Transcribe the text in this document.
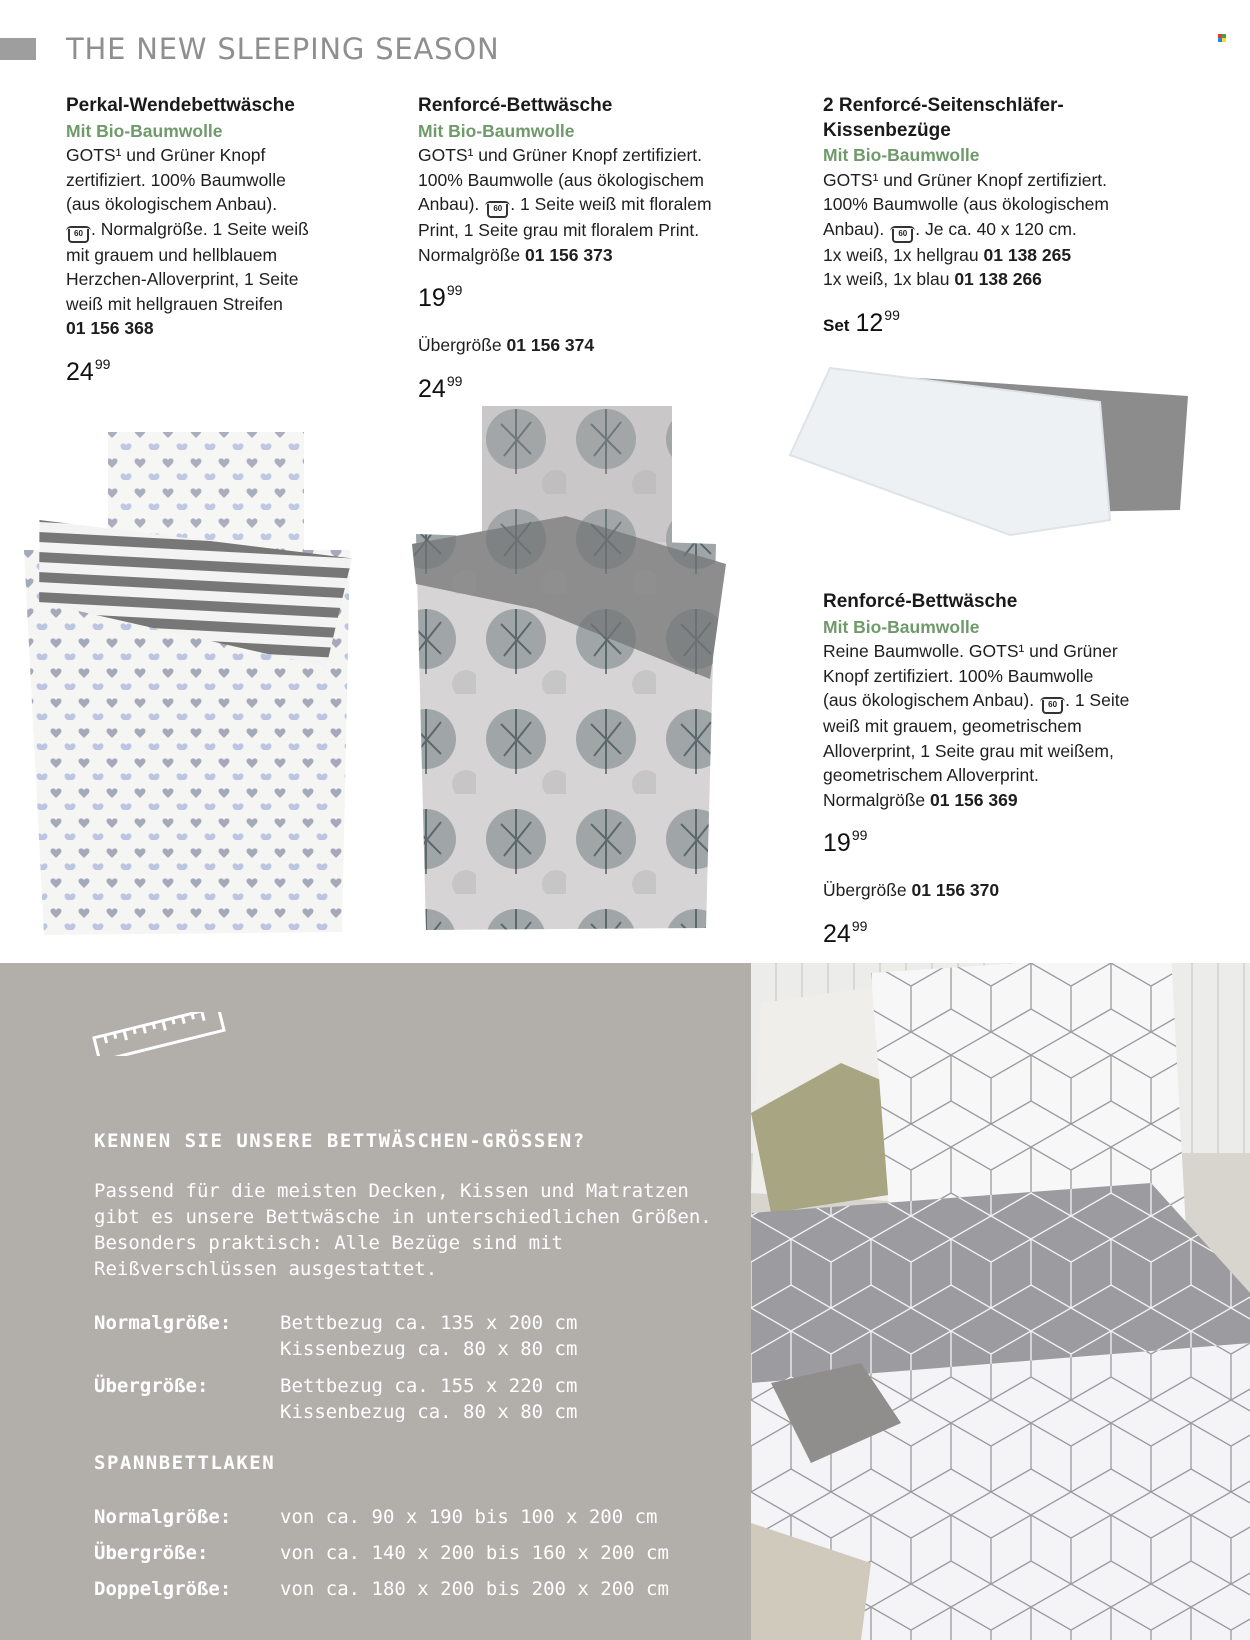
THE NEW SLEEPING SEASON
Perkal-Wendebettwäsche
Mit Bio-Baumwolle
GOTS¹ und Grüner Knopf
zertifiziert. 100% Baumwolle
(aus ökologischem Anbau).
60 . Normalgröße. 1 Seite weiß
mit grauem und hellblauem
Herzchen-Alloverprint, 1 Seite
weiß mit hellgrauen Streifen
01 156 368
$24^{99}$
Renforcé-Bettwäsche
Mit Bio-Baumwolle
GOTS¹ und Grüner Knopf zertifiziert.
100% Baumwolle (aus ökologischem
Anbau). 60 . 1 Seite weiß mit floralem
Print, 1 Seite grau mit floralem Print.
Normalgröße 01 156 373
$19^{99}$
Übergröße 01 156 374
$24^{99}$
2 Renforcé-Seitenschläfer-
Kissenbezüge
Mit Bio-Baumwolle
GOTS¹ und Grüner Knopf zertifiziert.
100% Baumwolle (aus ökologischem
Anbau). 60 . Je ca. 40 x 120 cm.
1x weiß, 1x hellgrau 01 138 265
1x weiß, 1x blau 01 138 266
Set $12^{99}$
Renforcé-Bettwäsche
Mit Bio-Baumwolle
Reine Baumwolle. GOTS¹ und Grüner
Knopf zertifiziert. 100% Baumwolle
(aus ökologischem Anbau). 60 . 1 Seite
weiß mit grauem, geometrischem
Alloverprint, 1 Seite grau mit weißem,
geometrischem Alloverprint.
Normalgröße 01 156 369
$19^{99}$
Übergröße 01 156 370
$24^{99}$
KENNEN SIE UNSERE BETTWÄSCHEN-GRÖSSEN?
Passend für die meisten Decken, Kissen und Matratzen gibt es unsere Bettwäsche in unterschiedlichen Größen. Besonders praktisch: Alle Bezüge sind mit Reißverschlüssen ausgestattet.
Normalgröße:	Bettbezug ca. 135 x 200 cm
Kissenbezug ca. 80 x 80 cm
Übergröße:	Bettbezug ca. 155 x 220 cm
Kissenbezug ca. 80 x 80 cm
SPANNBETTLAKEN
Normalgröße:	von ca. 90 x 190 bis 100 x 200 cm
Übergröße:	von ca. 140 x 200 bis 160 x 200 cm
Doppelgröße:	von ca. 180 x 200 bis 200 x 200 cm
